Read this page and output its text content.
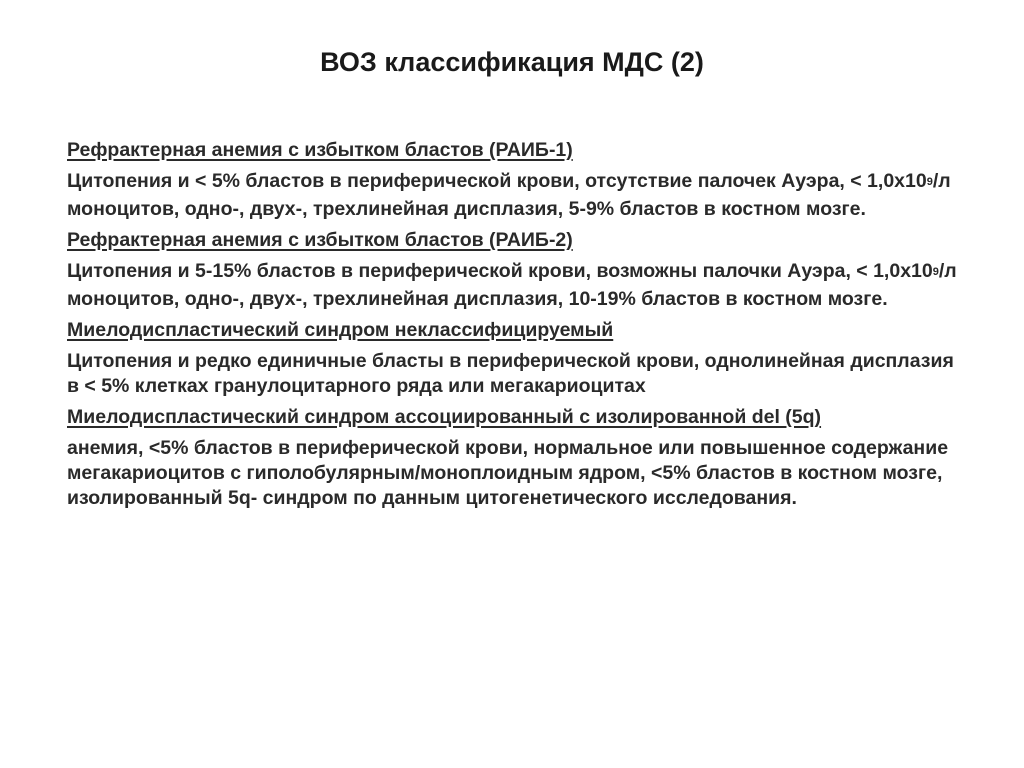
ВОЗ классификация МДС (2)
Рефрактерная анемия с избытком бластов (РАИБ-1)
Цитопения и < 5% бластов в периферической крови, отсутствие палочек Ауэра, < $1,0х10_9/л$ моноцитов, одно-, двух-, трехлинейная дисплазия, 5-9% бластов в костном мозге.
Рефрактерная анемия с избытком бластов (РАИБ-2)
Цитопения и 5-15% бластов в периферической крови, возможны палочки Ауэра, < $1,0х10_9/л$ моноцитов, одно-, двух-, трехлинейная дисплазия, 10-19% бластов в костном мозге.
Миелодиспластический синдром неклассифицируемый
Цитопения и редко единичные бласты в периферической крови, однолинейная дисплазия в < 5% клетках гранулоцитарного ряда или мегакариоцитах
Миелодиспластический синдром ассоциированный с изолированной del (5q)
анемия, <5% бластов в периферической крови, нормальное или повышенное содержание мегакариоцитов с гиполобулярным/моноплоидным ядром, <5% бластов в костном мозге, изолированный 5q- синдром по данным цитогенетического исследования.
